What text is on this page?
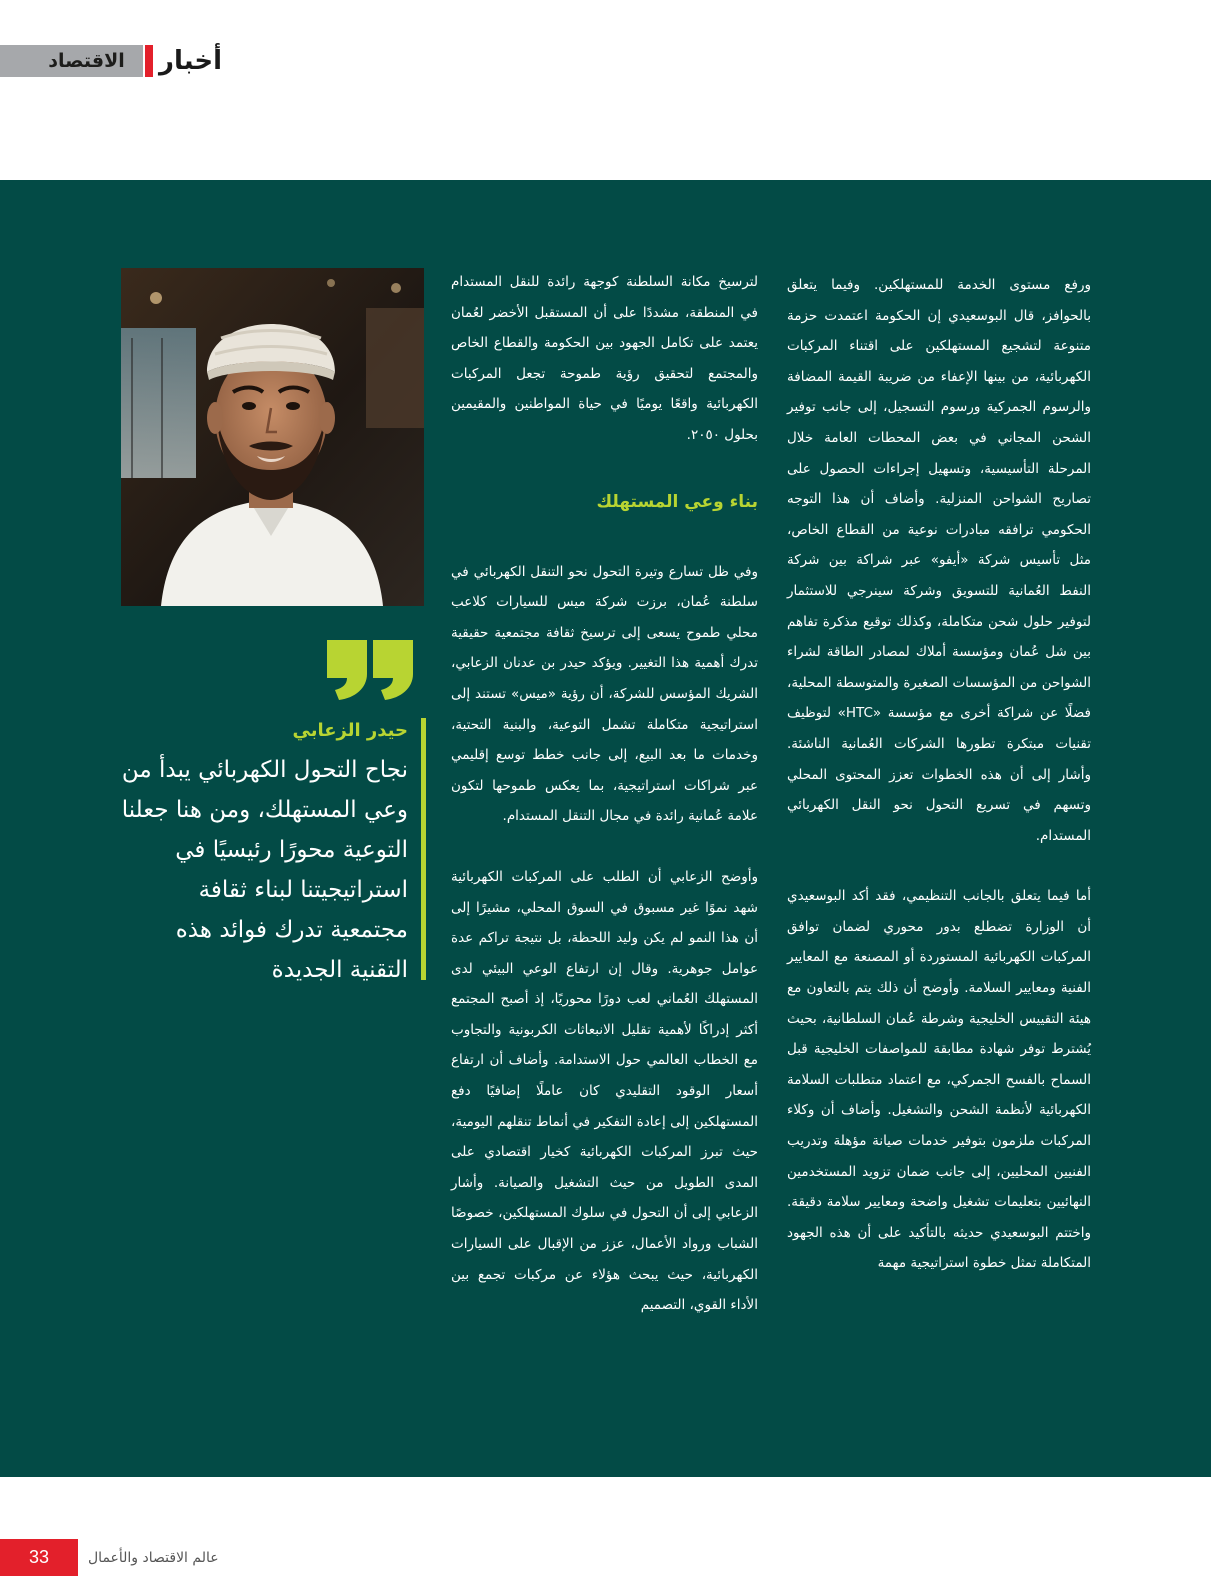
الاقتصاد	أخبار

ورفع مستوى الخدمة للمستهلكين. وفيما يتعلق بالحوافز، قال البوسعيدي إن الحكومة اعتمدت حزمة متنوعة لتشجيع المستهلكين على اقتناء المركبات الكهربائية، من بينها الإعفاء من ضريبة القيمة المضافة والرسوم الجمركية ورسوم التسجيل، إلى جانب توفير الشحن المجاني في بعض المحطات العامة خلال المرحلة التأسيسية، وتسهيل إجراءات الحصول على تصاريح الشواحن المنزلية. وأضاف أن هذا التوجه الحكومي ترافقه مبادرات نوعية من القطاع الخاص، مثل تأسيس شركة «أيفو» عبر شراكة بين شركة النفط العُمانية للتسويق وشركة سينرجي للاستثمار لتوفير حلول شحن متكاملة، وكذلك توقيع مذكرة تفاهم بين شل عُمان ومؤسسة أملاك لمصادر الطاقة لشراء الشواحن من المؤسسات الصغيرة والمتوسطة المحلية، فضلًا عن شراكة أخرى مع مؤسسة «HTC» لتوظيف تقنيات مبتكرة تطورها الشركات العُمانية الناشئة. وأشار إلى أن هذه الخطوات تعزز المحتوى المحلي وتسهم في تسريع التحول نحو النقل الكهربائي المستدام.

أما فيما يتعلق بالجانب التنظيمي، فقد أكد البوسعيدي أن الوزارة تضطلع بدور محوري لضمان توافق المركبات الكهربائية المستوردة أو المصنعة مع المعايير الفنية ومعايير السلامة. وأوضح أن ذلك يتم بالتعاون مع هيئة التقييس الخليجية وشرطة عُمان السلطانية، بحيث يُشترط توفر شهادة مطابقة للمواصفات الخليجية قبل السماح بالفسح الجمركي، مع اعتماد متطلبات السلامة الكهربائية لأنظمة الشحن والتشغيل. وأضاف أن وكلاء المركبات ملزمون بتوفير خدمات صيانة مؤهلة وتدريب الفنيين المحليين، إلى جانب ضمان تزويد المستخدمين النهائيين بتعليمات تشغيل واضحة ومعايير سلامة دقيقة. واختتم البوسعيدي حديثه بالتأكيد على أن هذه الجهود المتكاملة تمثل خطوة استراتيجية مهمة

لترسيخ مكانة السلطنة كوجهة رائدة للنقل المستدام في المنطقة، مشددًا على أن المستقبل الأخضر لعُمان يعتمد على تكامل الجهود بين الحكومة والقطاع الخاص والمجتمع لتحقيق رؤية طموحة تجعل المركبات الكهربائية واقعًا يوميًا في حياة المواطنين والمقيمين بحلول ٢٠٥٠.

بناء وعي المستهلك

وفي ظل تسارع وتيرة التحول نحو التنقل الكهربائي في سلطنة عُمان، برزت شركة ميس للسيارات كلاعب محلي طموح يسعى إلى ترسيخ ثقافة مجتمعية حقيقية تدرك أهمية هذا التغيير. ويؤكد حيدر بن عدنان الزعابي، الشريك المؤسس للشركة، أن رؤية «ميس» تستند إلى استراتيجية متكاملة تشمل التوعية، والبنية التحتية، وخدمات ما بعد البيع، إلى جانب خطط توسع إقليمي عبر شراكات استراتيجية، بما يعكس طموحها لتكون علامة عُمانية رائدة في مجال التنقل المستدام.

وأوضح الزعابي أن الطلب على المركبات الكهربائية شهد نموًا غير مسبوق في السوق المحلي، مشيرًا إلى أن هذا النمو لم يكن وليد اللحظة، بل نتيجة تراكم عدة عوامل جوهرية. وقال إن ارتفاع الوعي البيئي لدى المستهلك العُماني لعب دورًا محوريًا، إذ أصبح المجتمع أكثر إدراكًا لأهمية تقليل الانبعاثات الكربونية والتجاوب مع الخطاب العالمي حول الاستدامة. وأضاف أن ارتفاع أسعار الوقود التقليدي كان عاملًا إضافيًا دفع المستهلكين إلى إعادة التفكير في أنماط تنقلهم اليومية، حيث تبرز المركبات الكهربائية كخيار اقتصادي على المدى الطويل من حيث التشغيل والصيانة. وأشار الزعابي إلى أن التحول في سلوك المستهلكين، خصوصًا الشباب ورواد الأعمال، عزز من الإقبال على السيارات الكهربائية، حيث يبحث هؤلاء عن مركبات تجمع بين الأداء القوي، التصميم

حيدر الزعابي
نجاح التحول الكهربائي يبدأ من وعي المستهلك، ومن هنا جعلنا التوعية محورًا رئيسيًا في استراتيجيتنا لبناء ثقافة مجتمعية تدرك فوائد هذه التقنية الجديدة
33	عالم الاقتصاد والأعمال
